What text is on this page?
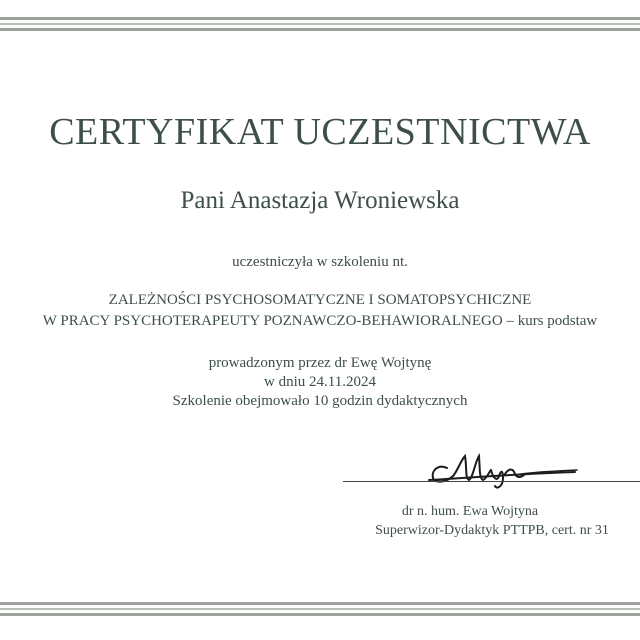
CERTYFIKAT UCZESTNICTWA
Pani Anastazja Wroniewska
uczestniczyła w szkoleniu nt.
ZALEŻNOŚCI PSYCHOSOMATYCZNE I SOMATOPSYCHICZNE
W PRACY PSYCHOTERAPEUTY POZNAWCZO-BEHAWIORALNEGO – kurs podstaw
prowadzonym przez dr Ewę Wojtynę
w dniu 24.11.2024
Szkolenie obejmowało 10 godzin dydaktycznych
dr n. hum. Ewa Wojtyna
Superwizor-Dydaktyk PTTPB, cert. nr 31
